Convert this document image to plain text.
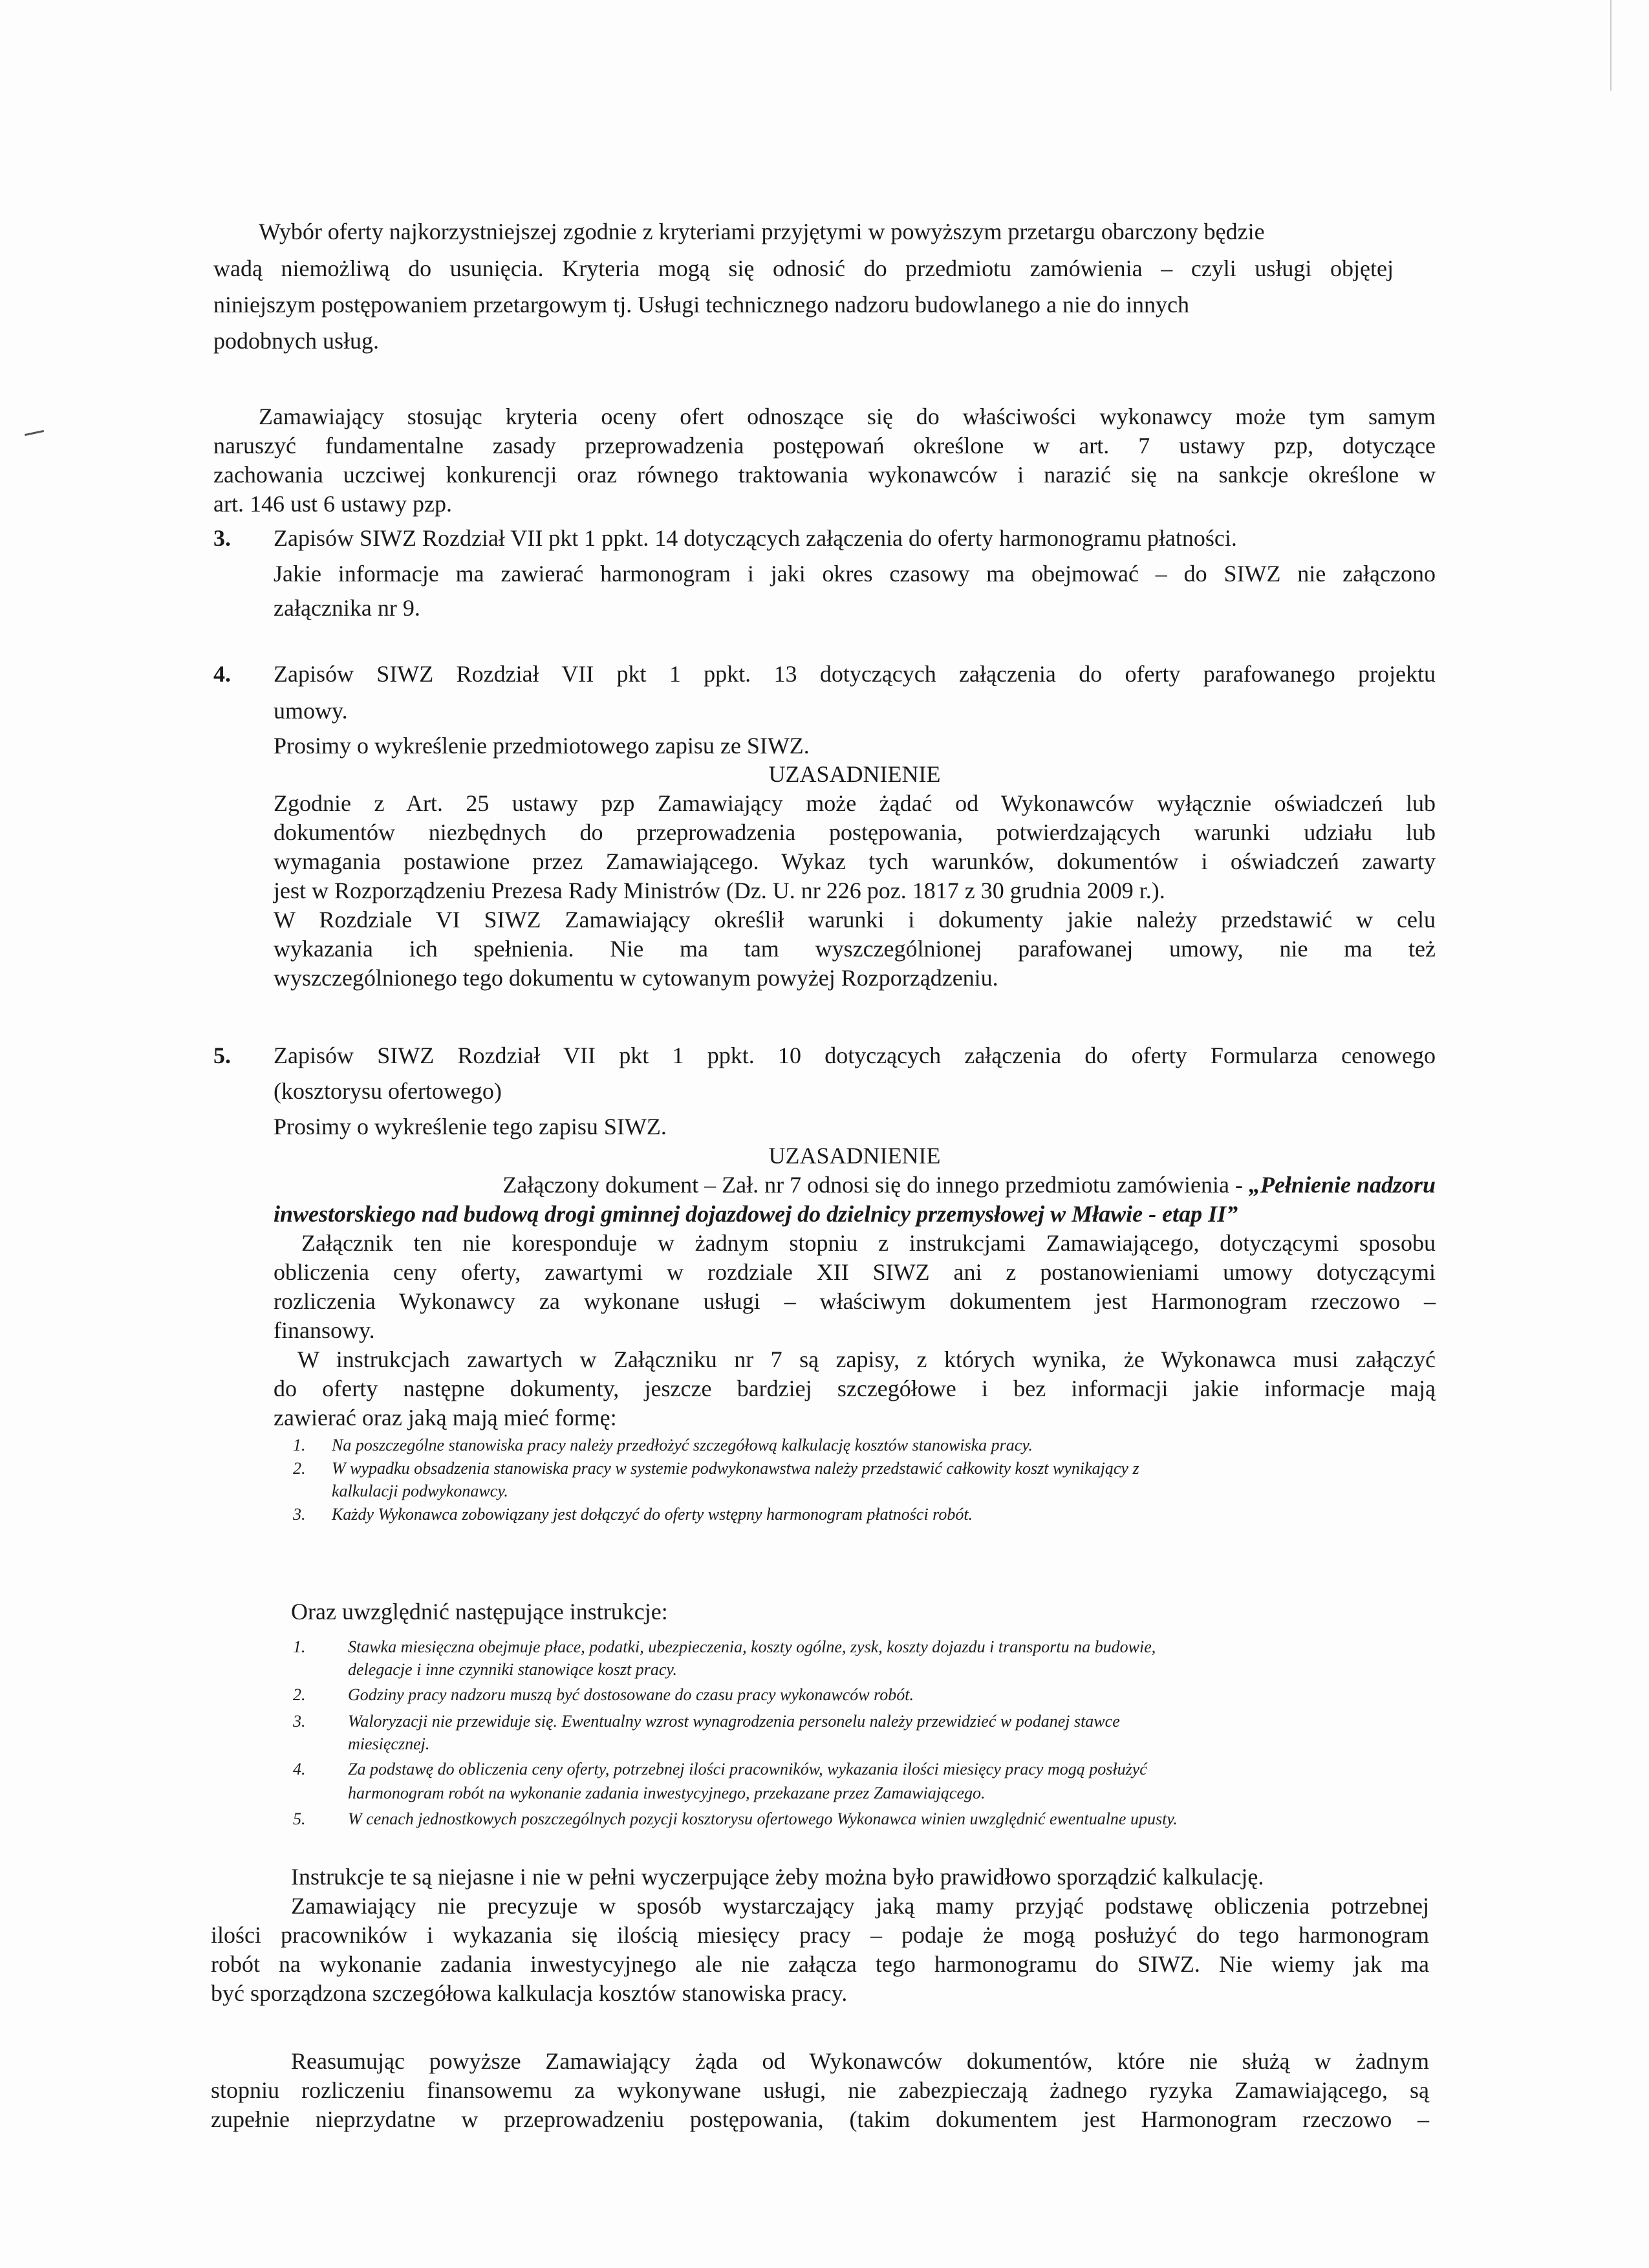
Wybór oferty najkorzystniejszej zgodnie z kryteriami przyjętymi w powyższym przetargu obarczony będzie

wadą niemożliwą do usunięcia. Kryteria mogą się odnosić do przedmiotu zamówienia – czyli usługi objętej

niniejszym postępowaniem przetargowym tj. Usługi technicznego nadzoru budowlanego a nie do innych

podobnych usług.

Zamawiający stosując kryteria oceny ofert odnoszące się do właściwości wykonawcy może tym samym

naruszyć fundamentalne zasady przeprowadzenia postępowań określone w art. 7 ustawy pzp, dotyczące

zachowania uczciwej konkurencji oraz równego traktowania wykonawców i narazić się na sankcje określone w

art. 146 ust 6 ustawy pzp.

3. Zapisów SIWZ Rozdział VII pkt 1 ppkt. 14 dotyczących załączenia do oferty harmonogramu płatności.

Jakie informacje ma zawierać harmonogram i jaki okres czasowy ma obejmować – do SIWZ nie załączono

załącznika nr 9.

4. Zapisów SIWZ Rozdział VII pkt 1 ppkt. 13 dotyczących załączenia do oferty parafowanego projektu

umowy.

Prosimy o wykreślenie przedmiotowego zapisu ze SIWZ.

UZASADNIENIE

Zgodnie z Art. 25 ustawy pzp Zamawiający może żądać od Wykonawców wyłącznie oświadczeń lub

dokumentów niezbędnych do przeprowadzenia postępowania, potwierdzających warunki udziału lub

wymagania postawione przez Zamawiającego. Wykaz tych warunków, dokumentów i oświadczeń zawarty

jest w Rozporządzeniu Prezesa Rady Ministrów (Dz. U. nr 226 poz. 1817 z 30 grudnia 2009 r.).

W Rozdziale VI SIWZ Zamawiający określił warunki i dokumenty jakie należy przedstawić w celu

wykazania ich spełnienia. Nie ma tam wyszczególnionej parafowanej umowy, nie ma też

wyszczególnionego tego dokumentu w cytowanym powyżej Rozporządzeniu.

5. Zapisów SIWZ Rozdział VII pkt 1 ppkt. 10 dotyczących załączenia do oferty Formularza cenowego

(kosztorysu ofertowego)

Prosimy o wykreślenie tego zapisu SIWZ.

UZASADNIENIE

Załączony dokument – Zał. nr 7 odnosi się do innego przedmiotu zamówienia - „Pełnienie nadzoru

inwestorskiego nad budową drogi gminnej dojazdowej do dzielnicy przemysłowej w Mławie - etap II”

Załącznik ten nie koresponduje w żadnym stopniu z instrukcjami Zamawiającego, dotyczącymi sposobu

obliczenia ceny oferty, zawartymi w rozdziale XII SIWZ ani z postanowieniami umowy dotyczącymi

rozliczenia Wykonawcy za wykonane usługi – właściwym dokumentem jest Harmonogram rzeczowo –

finansowy.

W instrukcjach zawartych w Załączniku nr 7 są zapisy, z których wynika, że Wykonawca musi załączyć

do oferty następne dokumenty, jeszcze bardziej szczegółowe i bez informacji jakie informacje mają

zawierać oraz jaką mają mieć formę:

1. Na poszczególne stanowiska pracy należy przedłożyć szczegółową kalkulację kosztów stanowiska pracy.

2. W wypadku obsadzenia stanowiska pracy w systemie podwykonawstwa należy przedstawić całkowity koszt wynikający z

kalkulacji podwykonawcy.

3. Każdy Wykonawca zobowiązany jest dołączyć do oferty wstępny harmonogram płatności robót.

Oraz uwzględnić następujące instrukcje:

1.	Stawka miesięczna obejmuje płace, podatki, ubezpieczenia, koszty ogólne, zysk, koszty dojazdu i transportu na budowie,

delegacje i inne czynniki stanowiące koszt pracy.

2.	Godziny pracy nadzoru muszą być dostosowane do czasu pracy wykonawców robót.

3.	Waloryzacji nie przewiduje się. Ewentualny wzrost wynagrodzenia personelu należy przewidzieć w podanej stawce

miesięcznej.

4.	Za podstawę do obliczenia ceny oferty, potrzebnej ilości pracowników, wykazania ilości miesięcy pracy mogą posłużyć

harmonogram robót na wykonanie zadania inwestycyjnego, przekazane przez Zamawiającego.

5.	W cenach jednostkowych poszczególnych pozycji kosztorysu ofertowego Wykonawca winien uwzględnić ewentualne upusty.

Instrukcje te są niejasne i nie w pełni wyczerpujące żeby można było prawidłowo sporządzić kalkulację.

Zamawiający nie precyzuje w sposób wystarczający jaką mamy przyjąć podstawę obliczenia potrzebnej

ilości pracowników i wykazania się ilością miesięcy pracy – podaje że mogą posłużyć do tego harmonogram

robót na wykonanie zadania inwestycyjnego ale nie załącza tego harmonogramu do SIWZ. Nie wiemy jak ma

być sporządzona szczegółowa kalkulacja kosztów stanowiska pracy.

Reasumując powyższe Zamawiający żąda od Wykonawców dokumentów, które nie służą w żadnym

stopniu rozliczeniu finansowemu za wykonywane usługi, nie zabezpieczają żadnego ryzyka Zamawiającego, są

zupełnie nieprzydatne w przeprowadzeniu postępowania, (takim dokumentem jest Harmonogram rzeczowo –
